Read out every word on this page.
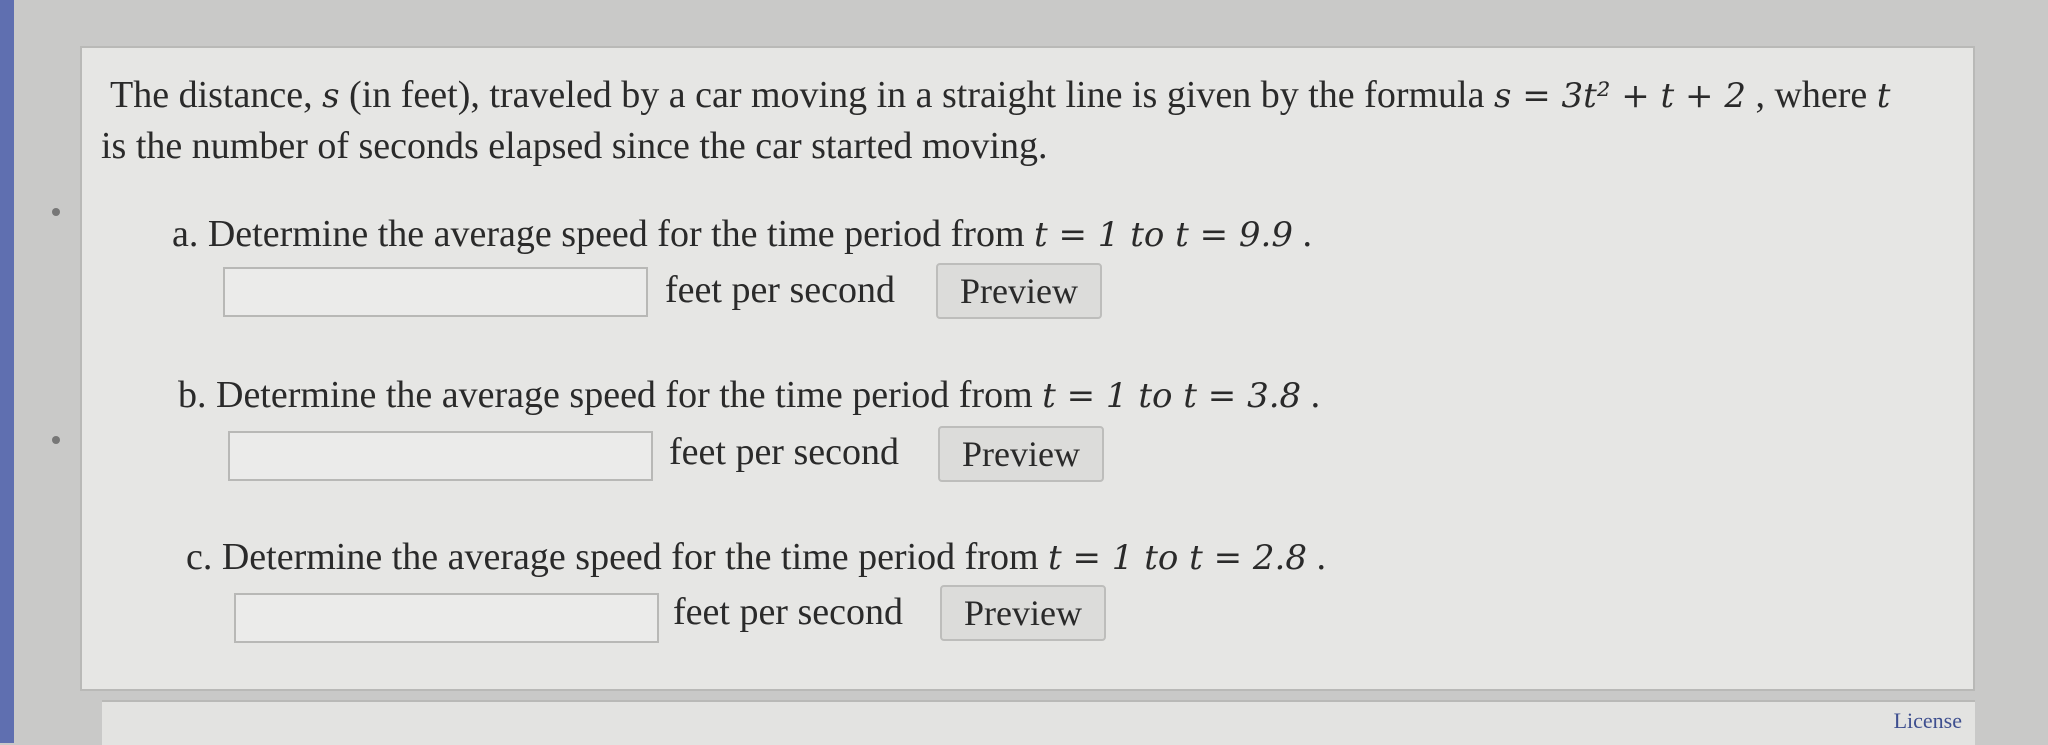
The distance, s (in feet), traveled by a car moving in a straight line is given by the formula s = 3t² + t + 2 , where t
is the number of seconds elapsed since the car started moving.
a. Determine the average speed for the time period from t = 1 to t = 9.9 .
feet per second	Preview
b. Determine the average speed for the time period from t = 1 to t = 3.8 .
feet per second	Preview
c. Determine the average speed for the time period from t = 1 to t = 2.8 .
feet per second	Preview
License
